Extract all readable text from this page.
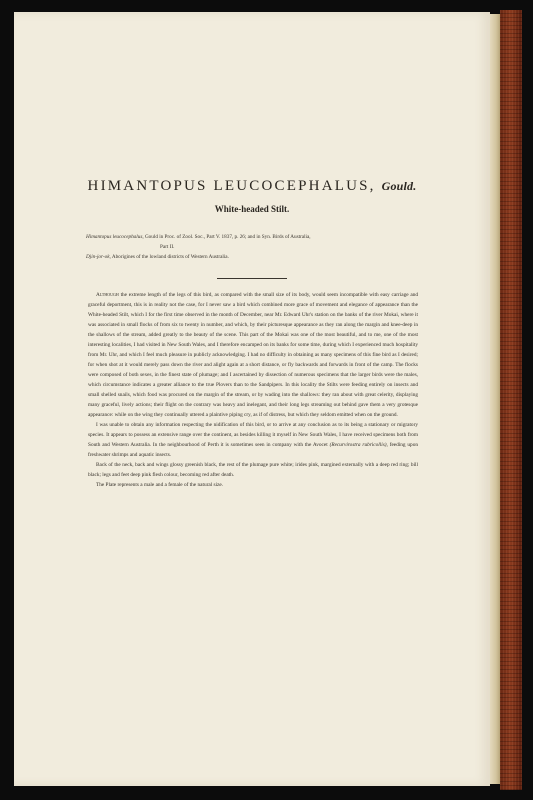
HIMANTOPUS LEUCOCEPHALUS, Gould.
White-headed Stilt.

Himantopus leucocephalus, Gould in Proc. of Zool. Soc., Part V. 1837, p. 26; and in Syn. Birds of Australia,

Part II.

Djin-jor-ok, Aborigines of the lowland districts of Western Australia.

Although the extreme length of the legs of this bird, as compared with the small size of its body, would seem incompatible with easy carriage and graceful deportment, this is in reality not the case, for I never saw a bird which combined more grace of movement and elegance of appearance than the White-headed Stilt, which I for the first time observed in the month of December, near Mr. Edward Uhr's station on the banks of the river Mokai, where it was associated in small flocks of from six to twenty in number, and which, by their picturesque appearance as they ran along the margin and knee-deep in the shallows of the stream, added greatly to the beauty of the scene. This part of the Mokai was one of the most beautiful, and to me, one of the most interesting localities, I had visited in New South Wales, and I therefore encamped on its banks for some time, during which I experienced much hospitality from Mr. Uhr, and which I feel much pleasure in publicly acknowledging. I had no difficulty in obtaining as many specimens of this fine bird as I desired; for when shot at it would merely pass down the river and alight again at a short distance, or fly backwards and forwards in front of the camp. The flocks were composed of both sexes, in the finest state of plumage; and I ascertained by dissection of numerous specimens that the larger birds were the males, which circumstance indicates a greater alliance to the true Plovers than to the Sandpipers. In this locality the Stilts were feeding entirely on insects and small shelled snails, which food was procured on the margin of the stream, or by wading into the shallows: they ran about with great celerity, displaying many graceful, lively actions; their flight on the contrary was heavy and inelegant, and their long legs streaming out behind gave them a very grotesque appearance: while on the wing they continually uttered a plaintive piping cry, as if of distress, but which they seldom emitted when on the ground.

I was unable to obtain any information respecting the nidification of this bird, or to arrive at any conclusion as to its being a stationary or migratory species. It appears to possess an extensive range over the continent, as besides killing it myself in New South Wales, I have received specimens both from South and Western Australia. In the neighbourhood of Perth it is sometimes seen in company with the Avocet (Recurvirostra rubricollis), feeding upon freshwater shrimps and aquatic insects.

Back of the neck, back and wings glossy greenish black, the rest of the plumage pure white; irides pink, margined externally with a deep red ring; bill black; legs and feet deep pink flesh colour, becoming red after death.

The Plate represents a male and a female of the natural size.
